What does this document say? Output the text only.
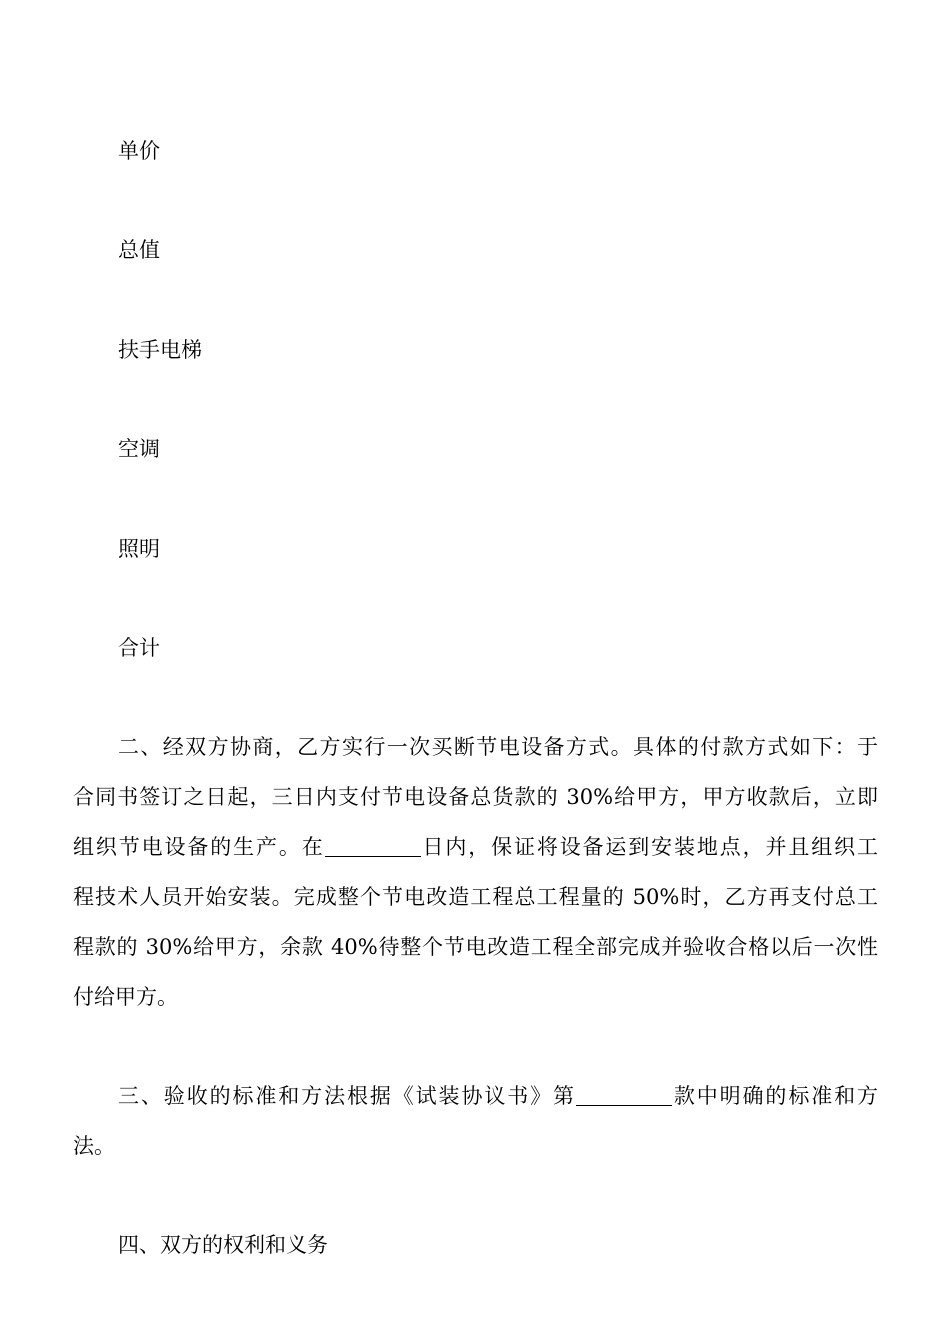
单价
总值
扶手电梯
空调
照明
合计
二、经双方协商，乙方实行一次买断节电设备方式。具体的付款方式如下：于
合同书签订之日起，三日内支付节电设备总货款的 30%给甲方，甲方收款后，立即
组织节电设备的生产。在	日内，保证将设备运到安装地点，并且组织工
程技术人员开始安装。完成整个节电改造工程总工程量的 50%时，乙方再支付总工
程款的 30%给甲方，余款 40%待整个节电改造工程全部完成并验收合格以后一次性
付给甲方。
三、验收的标准和方法根据《试装协议书》第	款中明确的标准和方
法。
四、双方的权利和义务
